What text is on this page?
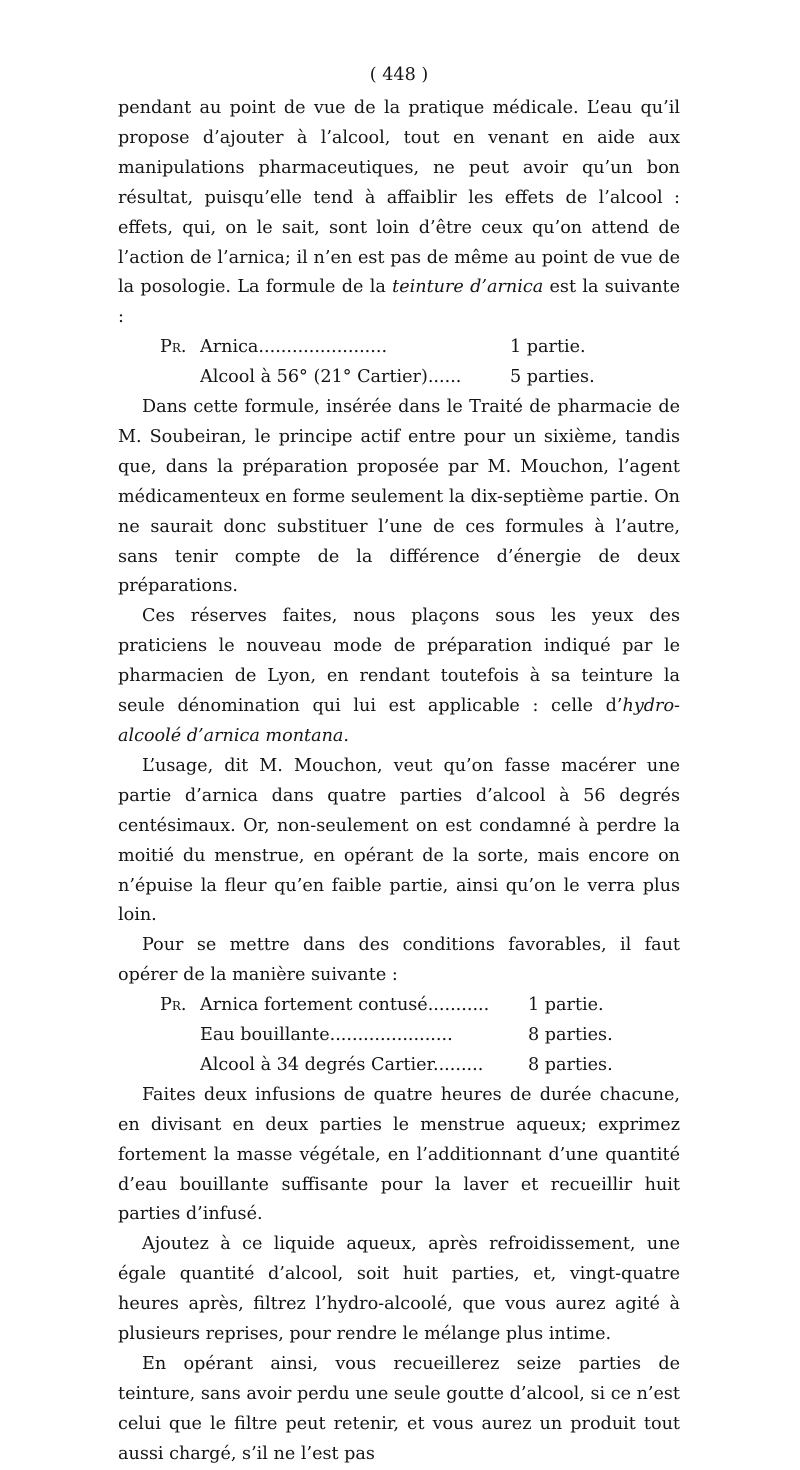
( 448 )

pendant au point de vue de la pratique médicale. L’eau qu’il propose d’ajouter à l’alcool, tout en venant en aide aux manipulations pharmaceutiques, ne peut avoir qu’un bon résultat, puisqu’elle tend à affaiblir les effets de l’alcool : effets, qui, on le sait, sont loin d’être ceux qu’on attend de l’action de l’arnica; il n’en est pas de même au point de vue de la posologie. La formule de la teinture d’arnica est la suivante :

Pr. Arnica.......................	1 partie.
Alcool à 56° (21° Cartier)......	5 parties.

Dans cette formule, insérée dans le Traité de pharmacie de M. Soubeiran, le principe actif entre pour un sixième, tandis que, dans la préparation proposée par M. Mouchon, l’agent médicamenteux en forme seulement la dix-septième partie. On ne saurait donc substituer l’une de ces formules à l’autre, sans tenir compte de la différence d’énergie de deux préparations.

Ces réserves faites, nous plaçons sous les yeux des praticiens le nouveau mode de préparation indiqué par le pharmacien de Lyon, en rendant toutefois à sa teinture la seule dénomination qui lui est applicable : celle d’hydro-alcoolé d’arnica montana.

L’usage, dit M. Mouchon, veut qu’on fasse macérer une partie d’arnica dans quatre parties d’alcool à 56 degrés centésimaux. Or, non-seulement on est condamné à perdre la moitié du menstrue, en opérant de la sorte, mais encore on n’épuise la fleur qu’en faible partie, ainsi qu’on le verra plus loin.

Pour se mettre dans des conditions favorables, il faut opérer de la manière suivante :

Pr. Arnica fortement contusé...........	1 partie.
Eau bouillante......................	8 parties.
Alcool à 34 degrés Cartier.........	8 parties.

Faites deux infusions de quatre heures de durée chacune, en divisant en deux parties le menstrue aqueux; exprimez fortement la masse végétale, en l’additionnant d’une quantité d’eau bouillante suffisante pour la laver et recueillir huit parties d’infusé.

Ajoutez à ce liquide aqueux, après refroidissement, une égale quantité d’alcool, soit huit parties, et, vingt-quatre heures après, filtrez l’hydro-alcoolé, que vous aurez agité à plusieurs reprises, pour rendre le mélange plus intime.

En opérant ainsi, vous recueillerez seize parties de teinture, sans avoir perdu une seule goutte d’alcool, si ce n’est celui que le filtre peut retenir, et vous aurez un produit tout aussi chargé, s’il ne l’est pas
